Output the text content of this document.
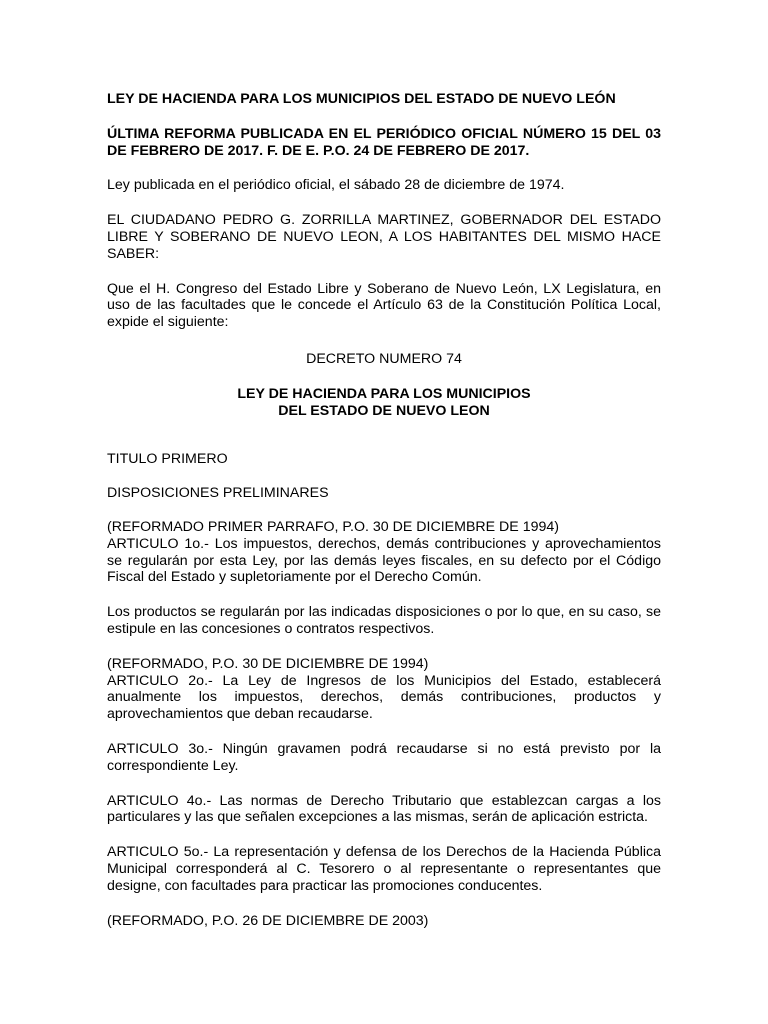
LEY DE HACIENDA PARA LOS MUNICIPIOS DEL ESTADO DE NUEVO LEÓN
ÚLTIMA REFORMA PUBLICADA EN EL PERIÓDICO OFICIAL NÚMERO 15 DEL 03 DE FEBRERO DE 2017. F. DE E. P.O. 24 DE FEBRERO DE 2017.
Ley publicada en el periódico oficial, el sábado 28 de diciembre de 1974.
EL CIUDADANO PEDRO G. ZORRILLA MARTINEZ, GOBERNADOR DEL ESTADO LIBRE Y SOBERANO DE NUEVO LEON, A LOS HABITANTES DEL MISMO HACE SABER:
Que el H. Congreso del Estado Libre y Soberano de Nuevo León, LX Legislatura, en uso de las facultades que le concede el Artículo 63 de la Constitución Política Local, expide el siguiente:
DECRETO NUMERO 74
LEY DE HACIENDA PARA LOS MUNICIPIOS
DEL ESTADO DE NUEVO LEON
TITULO PRIMERO
DISPOSICIONES PRELIMINARES
(REFORMADO PRIMER PARRAFO, P.O. 30 DE DICIEMBRE DE 1994)
ARTICULO 1o.- Los impuestos, derechos, demás contribuciones y aprovechamientos se regularán por esta Ley, por las demás leyes fiscales, en su defecto por el Código Fiscal del Estado y supletoriamente por el Derecho Común.
Los productos se regularán por las indicadas disposiciones o por lo que, en su caso, se estipule en las concesiones o contratos respectivos.
(REFORMADO, P.O. 30 DE DICIEMBRE DE 1994)
ARTICULO 2o.- La Ley de Ingresos de los Municipios del Estado, establecerá anualmente los impuestos, derechos, demás contribuciones, productos y aprovechamientos que deban recaudarse.
ARTICULO 3o.- Ningún gravamen podrá recaudarse si no está previsto por la correspondiente Ley.
ARTICULO 4o.- Las normas de Derecho Tributario que establezcan cargas a los particulares y las que señalen excepciones a las mismas, serán de aplicación estricta.
ARTICULO 5o.- La representación y defensa de los Derechos de la Hacienda Pública Municipal corresponderá al C. Tesorero o al representante o representantes que designe, con facultades para practicar las promociones conducentes.
(REFORMADO, P.O. 26 DE DICIEMBRE DE 2003)
